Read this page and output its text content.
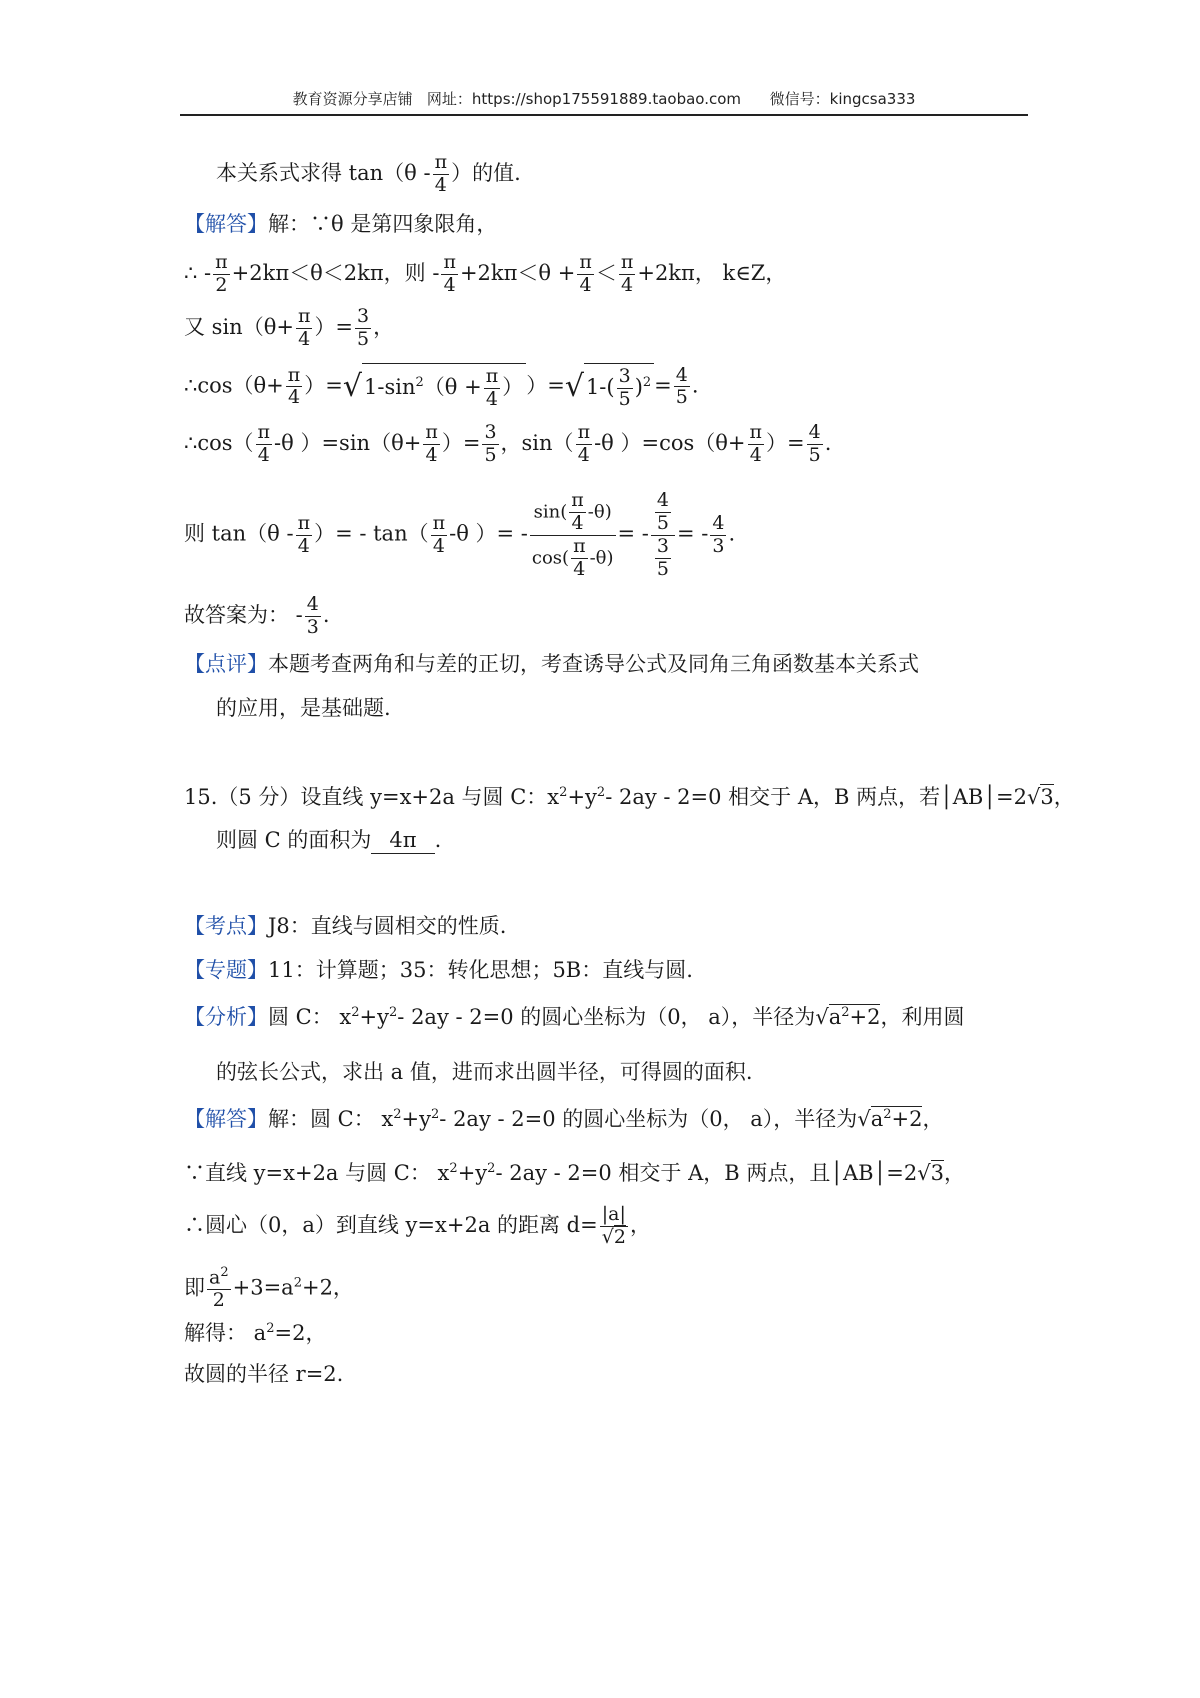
教育资源分享店铺   网址：https://shop175591889.taobao.com      微信号：kingcsa333
本关系式求得 $\tan(\theta - \frac{\pi}{4}$ ）的值.
【解答】解：∵θ 是第四象限角，
∴ - $\frac{\pi}{2} +2k\pi<\theta<2k\pi$，则 - $\frac{\pi}{4} +2k\pi<\theta + \frac{\pi}{4} < \frac{\pi}{4} +2k\pi$， k∈Z，
又 $\sin(\theta+ \frac{\pi}{4}$ ）= $\frac{3}{5}$ ，
∴cos（θ+ $\frac{\pi}{4} )=√1-\sin^2(\theta + \frac{\pi}{4}$ ） ）$=√1-( \frac{3}{5} )^2 = \frac{4}{5}$ .
∴cos（ $\frac{\pi}{4} -\theta$ ）$=\sin(\theta+ \frac{\pi}{4}$ ）= $\frac{3}{5}$ ，$\sin( \frac{\pi}{4} -\theta$ ）$=\cos(\theta+ \frac{\pi}{4}$ ）= $\frac{4}{5}$ .
则 $\tan(\theta - \frac{\pi}{4}$ ）= - $\tan( \frac{\pi}{4} -\theta$ ）= - $\frac{\sin( \frac{\pi}{4} -\theta)}{\cos( \frac{\pi}{4} -\theta)}$ = - $\frac{\frac{4}{5}}{\frac{3}{5}}$ = - $\frac{4}{3}$ .
故答案为： - $\frac{4}{3}$ .
【点评】本题考查两角和与差的正切，考查诱导公式及同角三角函数基本关系式
的应用，是基础题.
15.（5 分）设直线 y=x+2a 与圆 C：$x^2+y^2-$ 2ay - 2=0 相交于 A，B 两点，若│AB│=2√3，
则圆 C 的面积为 4π .
【考点】J8：直线与圆相交的性质.
【专题】11：计算题；35：转化思想；5B：直线与圆.
【分析】圆 C： $x^2+y^2-$ 2ay - 2=0 的圆心坐标为（0， a），半径为$√a^2+2$，利用圆
的弦长公式，求出 a 值，进而求出圆半径，可得圆的面积.
【解答】解：圆 C： $x^2+y^2-$ 2ay - 2=0 的圆心坐标为（0， a），半径为$√a^2+2$，
∵直线 y=x+2a 与圆 C： $x^2+y^2-$ 2ay - 2=0 相交于 A，B 两点，且│AB│=2√3，
∴圆心（0，a）到直线 y=x+2a 的距离 $d= \frac{|a|}{√2}$ ，
即 $\frac{a^2}{2} +3=a^2+2$，
解得： $a^2=2$，
故圆的半径 r=2.
